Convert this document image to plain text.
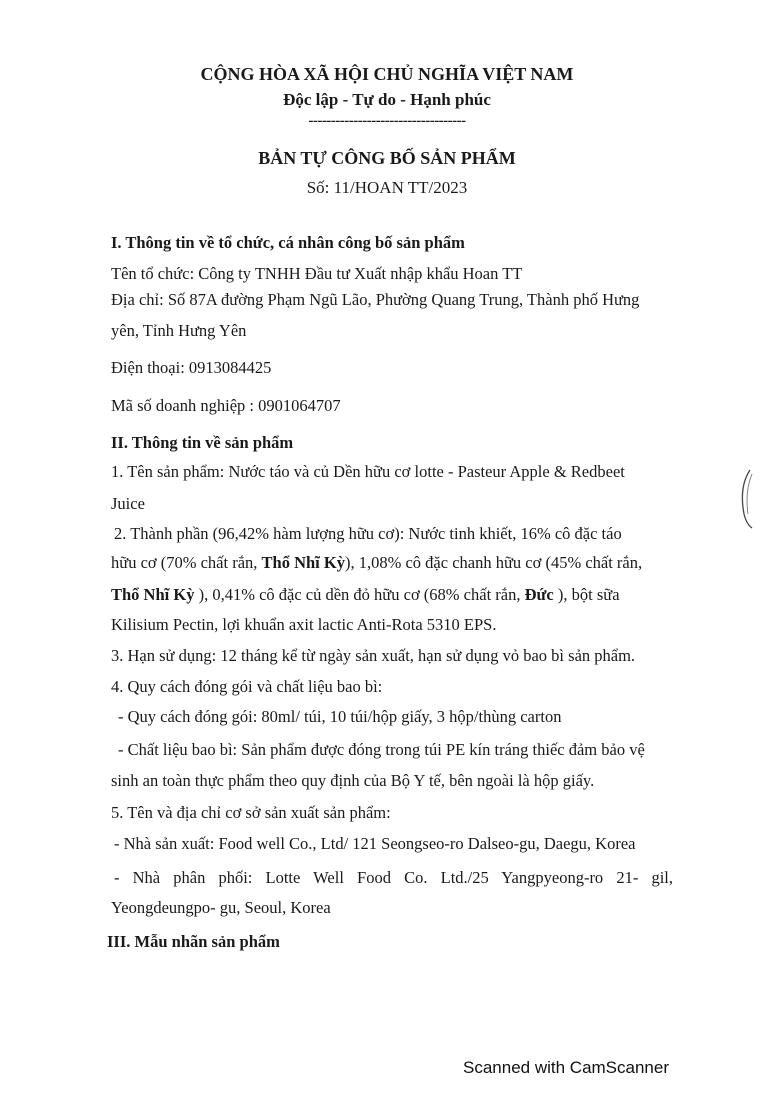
CỘNG HÒA XÃ HỘI CHỦ NGHĨA VIỆT NAM
Độc lập - Tự do - Hạnh phúc
-----------------------------------
BẢN TỰ CÔNG BỐ SẢN PHẨM
Số: 11/HOAN TT/2023
I. Thông tin về tổ chức, cá nhân công bố sản phẩm
Tên tổ chức: Công ty TNHH Đầu tư Xuất nhập khẩu Hoan TT
Địa chỉ: Số 87A đường Phạm Ngũ Lão, Phường Quang Trung, Thành phố Hưng
yên, Tỉnh Hưng Yên
Điện thoại: 0913084425
Mã số doanh nghiệp : 0901064707
II. Thông tin về sản phẩm
1. Tên sản phẩm: Nước táo và củ Dền hữu cơ lotte - Pasteur Apple & Redbeet
Juice
2. Thành phần (96,42% hàm lượng hữu cơ): Nước tinh khiết, 16% cô đặc táo
hữu cơ (70% chất rắn, Thổ Nhĩ Kỳ), 1,08% cô đặc chanh hữu cơ (45% chất rắn,
Thổ Nhĩ Kỳ ), 0,41% cô đặc củ dền đỏ hữu cơ (68% chất rắn, Đức ), bột sữa
Kilisium Pectin, lợi khuẩn axit lactic Anti-Rota 5310 EPS.
3. Hạn sử dụng: 12 tháng kể từ ngày sản xuất, hạn sử dụng vỏ bao bì sản phẩm.
4. Quy cách đóng gói và chất liệu bao bì:
- Quy cách đóng gói: 80ml/ túi, 10 túi/hộp giấy, 3 hộp/thùng carton
- Chất liệu bao bì: Sản phẩm được đóng trong túi PE kín tráng thiếc đảm bảo vệ
sinh an toàn thực phẩm theo quy định của Bộ Y tế, bên ngoài là hộp giấy.
5. Tên và địa chỉ cơ sở sản xuất sản phẩm:
- Nhà sản xuất: Food well Co., Ltd/ 121 Seongseo-ro Dalseo-gu, Daegu, Korea
- Nhà phân phối: Lotte Well Food Co. Ltd./25 Yangpyeong-ro 21- gil,
Yeongdeungpo- gu, Seoul, Korea
III. Mẫu nhãn sản phẩm
Scanned with CamScanner
